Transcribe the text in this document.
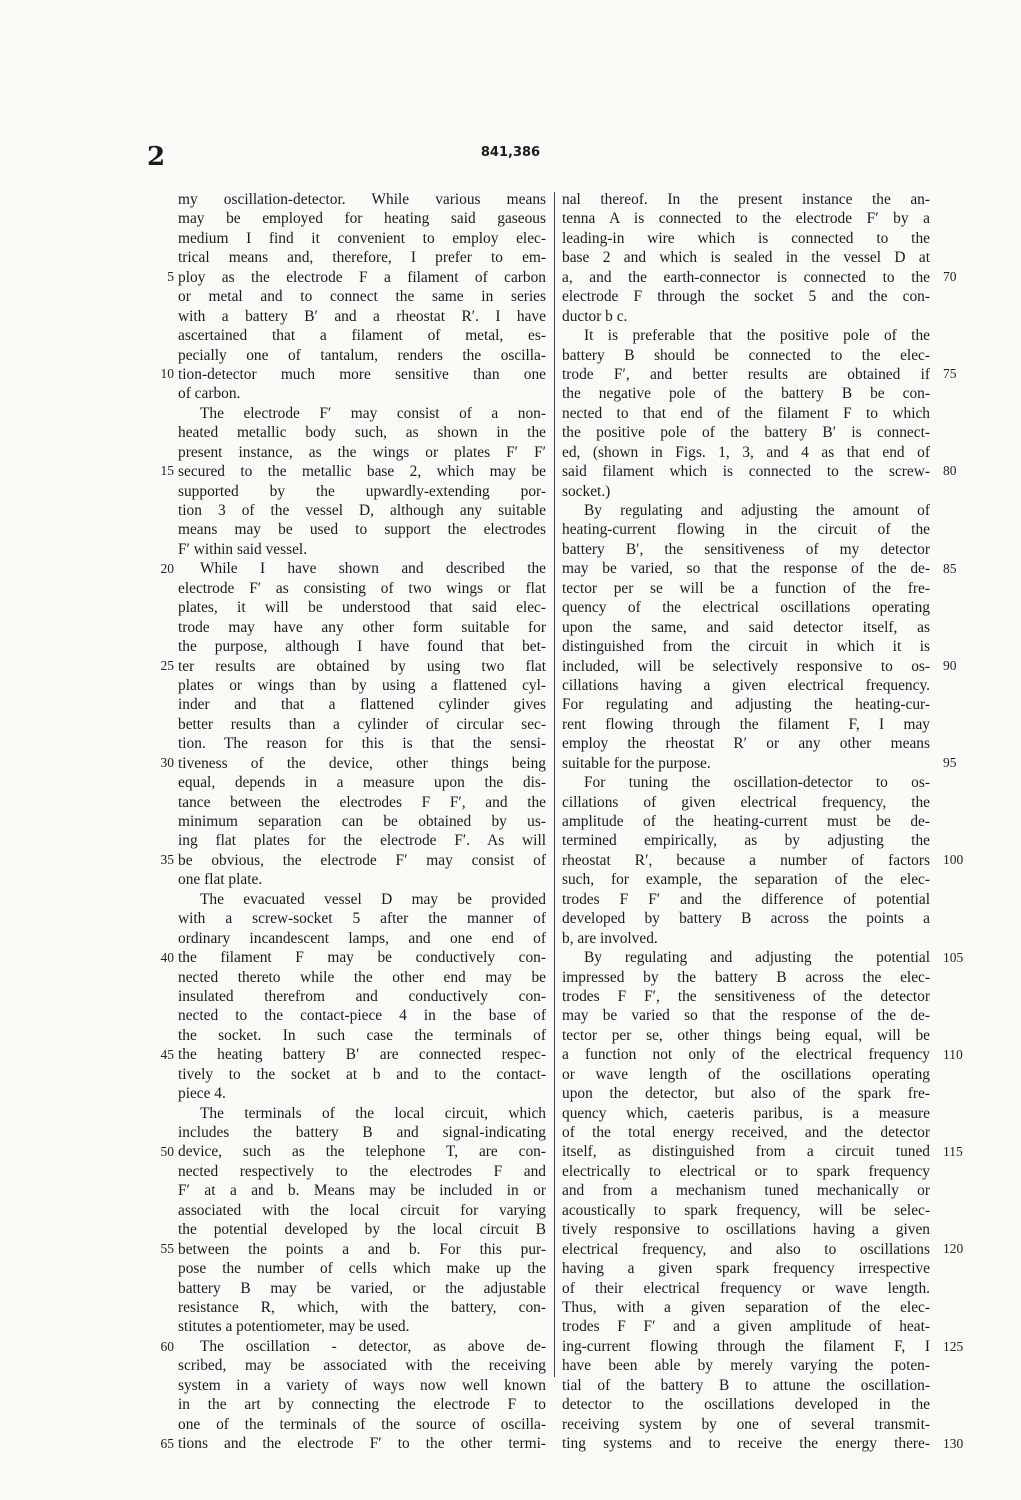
2	841,386
my oscillation-detector. While various means
may be employed for heating said gaseous
medium I find it convenient to employ elec-
trical means and, therefore, I prefer to em-
ploy as the electrode F a filament of carbon
or metal and to connect the same in series
with a battery B′ and a rheostat R′. I have
ascertained that a filament of metal, es-
pecially one of tantalum, renders the oscilla-
tion-detector much more sensitive than one
of carbon.
The electrode F′ may consist of a non-
heated metallic body such, as shown in the
present instance, as the wings or plates F′ F′
secured to the metallic base 2, which may be
supported by the upwardly-extending por-
tion 3 of the vessel D, although any suitable
means may be used to support the electrodes
F′ within said vessel.
While I have shown and described the
electrode F′ as consisting of two wings or flat
plates, it will be understood that said elec-
trode may have any other form suitable for
the purpose, although I have found that bet-
ter results are obtained by using two flat
plates or wings than by using a flattened cyl-
inder and that a flattened cylinder gives
better results than a cylinder of circular sec-
tion. The reason for this is that the sensi-
tiveness of the device, other things being
equal, depends in a measure upon the dis-
tance between the electrodes F F′, and the
minimum separation can be obtained by us-
ing flat plates for the electrode F′. As will
be obvious, the electrode F′ may consist of
one flat plate.
The evacuated vessel D may be provided
with a screw-socket 5 after the manner of
ordinary incandescent lamps, and one end of
the filament F may be conductively con-
nected thereto while the other end may be
insulated therefrom and conductively con-
nected to the contact-piece 4 in the base of
the socket. In such case the terminals of
the heating battery B′ are connected respec-
tively to the socket at b and to the contact-
piece 4.
The terminals of the local circuit, which
includes the battery B and signal-indicating
device, such as the telephone T, are con-
nected respectively to the electrodes F and
F′ at a and b. Means may be included in or
associated with the local circuit for varying
the potential developed by the local circuit B
between the points a and b. For this pur-
pose the number of cells which make up the
battery B may be varied, or the adjustable
resistance R, which, with the battery, con-
stitutes a potentiometer, may be used.
The oscillation - detector, as above de-
scribed, may be associated with the receiving
system in a variety of ways now well known
in the art by connecting the electrode F to
one of the terminals of the source of oscilla-
tions and the electrode F′ to the other termi-
nal thereof. In the present instance the an-
tenna A is connected to the electrode F′ by a
leading-in wire which is connected to the
base 2 and which is sealed in the vessel D at
a, and the earth-connector is connected to the
electrode F through the socket 5 and the con-
ductor b c.
It is preferable that the positive pole of the
battery B should be connected to the elec-
trode F′, and better results are obtained if
the negative pole of the battery B be con-
nected to that end of the filament F to which
the positive pole of the battery B′ is connect-
ed, (shown in Figs. 1, 3, and 4 as that end of
said filament which is connected to the screw-
socket.)
By regulating and adjusting the amount of
heating-current flowing in the circuit of the
battery B′, the sensitiveness of my detector
may be varied, so that the response of the de-
tector per se will be a function of the fre-
quency of the electrical oscillations operating
upon the same, and said detector itself, as
distinguished from the circuit in which it is
included, will be selectively responsive to os-
cillations having a given electrical frequency.
For regulating and adjusting the heating-cur-
rent flowing through the filament F, I may
employ the rheostat R′ or any other means
suitable for the purpose.
For tuning the oscillation-detector to os-
cillations of given electrical frequency, the
amplitude of the heating-current must be de-
termined empirically, as by adjusting the
rheostat R′, because a number of factors
such, for example, the separation of the elec-
trodes F F′ and the difference of potential
developed by battery B across the points a
b, are involved.
By regulating and adjusting the potential
impressed by the battery B across the elec-
trodes F F′, the sensitiveness of the detector
may be varied so that the response of the de-
tector per se, other things being equal, will be
a function not only of the electrical frequency
or wave length of the oscillations operating
upon the detector, but also of the spark fre-
quency which, caeteris paribus, is a measure
of the total energy received, and the detector
itself, as distinguished from a circuit tuned
electrically to electrical or to spark frequency
and from a mechanism tuned mechanically or
acoustically to spark frequency, will be selec-
tively responsive to oscillations having a given
electrical frequency, and also to oscillations
having a given spark frequency irrespective
of their electrical frequency or wave length.
Thus, with a given separation of the elec-
trodes F F′ and a given amplitude of heat-
ing-current flowing through the filament F, I
have been able by merely varying the poten-
tial of the battery B to attune the oscillation-
detector to the oscillations developed in the
receiving system by one of several transmit-
ting systems and to receive the energy there-
5
10
15
20
25
30
35
40
45
50
55
60
65
70
75
80
85
90
95
100
105
110
115
120
125
130
